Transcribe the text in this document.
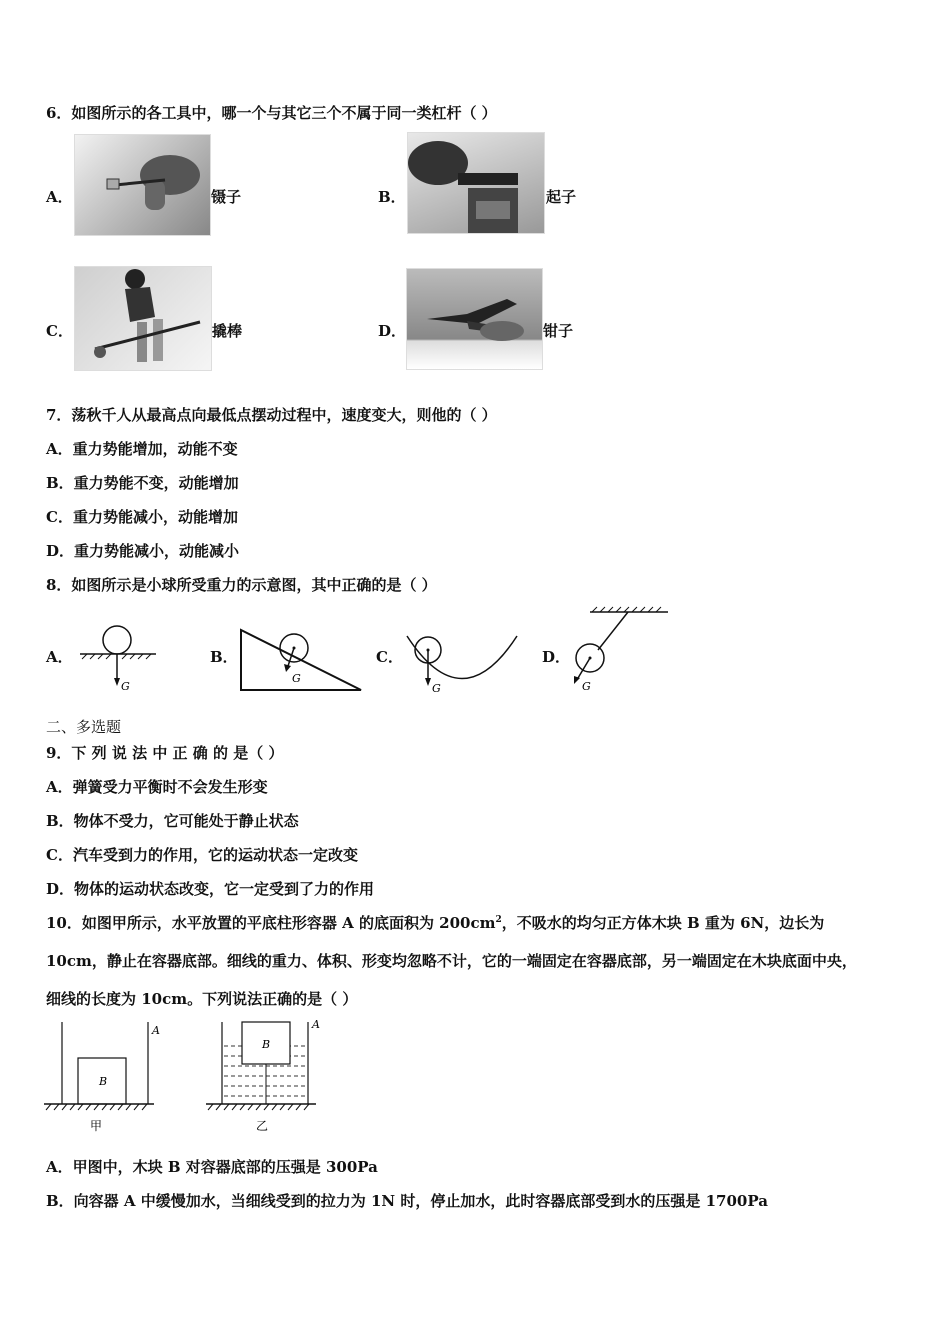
6．如图所示的各工具中，哪一个与其它三个不属于同一类杠杆（ ）
A．	镊子	B．	起子
C．	撬棒	D．	钳子
7．荡秋千人从最高点向最低点摆动过程中，速度变大，则他的（ ）
A．重力势能增加，动能不变
B．重力势能不变，动能增加
C．重力势能减小，动能增加
D．重力势能减小，动能减小
8．如图所示是小球所受重力的示意图，其中正确的是（ ）
A．
G
B．
G
C．
G
D．
G
二、多选题
9．下 列 说 法 中 正 确 的 是（ ）
A．弹簧受力平衡时不会发生形变
B．物体不受力，它可能处于静止状态
C．汽车受到力的作用，它的运动状态一定改变
D．物体的运动状态改变，它一定受到了力的作用
10．如图甲所示，水平放置的平底柱形容器 A 的底面积为 $200cm^2$，不吸水的均匀正方体木块 B 重为 6N，边长为
10cm，静止在容器底部。细线的重力、体积、形变均忽略不计，它的一端固定在容器底部，另一端固定在木块底面中央，
细线的长度为 10cm。下列说法正确的是（ ）
B
A
甲
B
A
乙
A．甲图中，木块 B 对容器底部的压强是 300Pa
B．向容器 A 中缓慢加水，当细线受到的拉力为 1N 时，停止加水，此时容器底部受到水的压强是 1700Pa
